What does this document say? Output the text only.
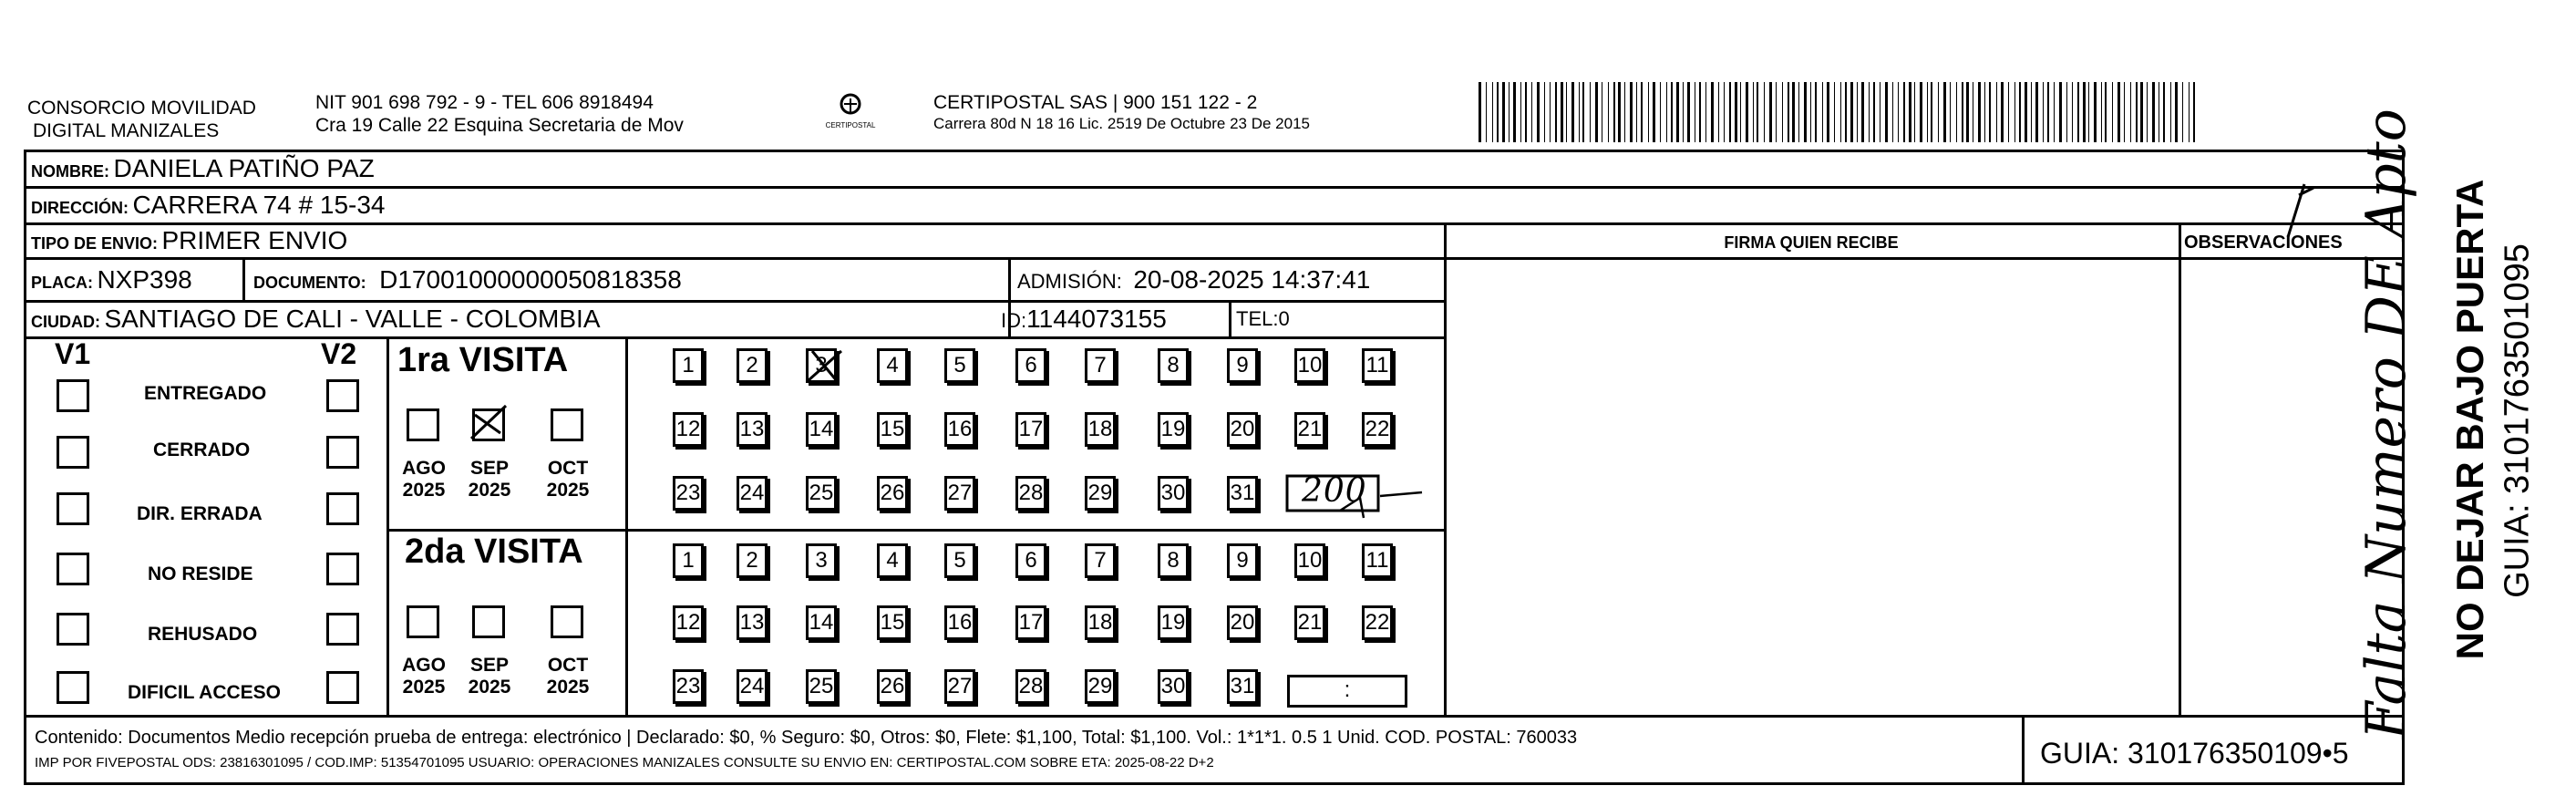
CONSORCIO MOVILIDAD
DIGITAL MANIZALES
NIT 901 698 792 - 9 - TEL 606 8918494
Cra 19 Calle 22 Esquina Secretaria de Mov	CERTIPOSTAL
CERTIPOSTAL SAS | 900 151 122 - 2
Carrera 80d N 18 16 Lic. 2519 De Octubre 23 De 2015
NOMBRE: DANIELA PATIÑO PAZ
DIRECCIÓN: CARRERA 74 # 15-34
TIPO DE ENVIO: PRIMER ENVIO
PLACA: NXP398	DOCUMENTO: D17001000000050818358	ADMISIÓN: 20-08-2025 14:37:41
CIUDAD: SANTIAGO DE CALI - VALLE - COLOMBIA	ID:1144073155	TEL:0
FIRMA QUIEN RECIBE	OBSERVACIONES
V1	V2
ENTREGADO
CERRADO
DIR. ERRADA
NO RESIDE
REHUSADO
DIFICIL ACCESO
1ra VISITA
2da VISITA
AGO
2025
SEP
2025
OCT
2025
AGO
2025
SEP
2025
OCT
2025
1	2	3	4	5	6	7	8	9	10 11
12 13 14 15 16 17 18 19 20 21 22
23 24 25 26 27 28 29 30 31
1	2	3	4	5	6	7	8	9	10 11
12 13 14 15 16 17 18 19 20 21 22
23 24 25 26 27 28 29 30 31
200
:	Falta Numero DE Apto
Contenido: Documentos Medio recepción prueba de entrega: electrónico | Declarado: $0, % Seguro: $0, Otros: $0, Flete: $1,100, Total: $1,100. Vol.: 1*1*1. 0.5 1 Unid. COD. POSTAL: 760033
IMP POR FIVEPOSTAL ODS: 23816301095 / COD.IMP: 51354701095 USUARIO: OPERACIONES MANIZALES CONSULTE SU ENVIO EN: CERTIPOSTAL.COM SOBRE ETA: 2025-08-22 D+2	GUIA: 310176350109•5
NO DEJAR BAJO PUERTA GUIA: 3101763501095
